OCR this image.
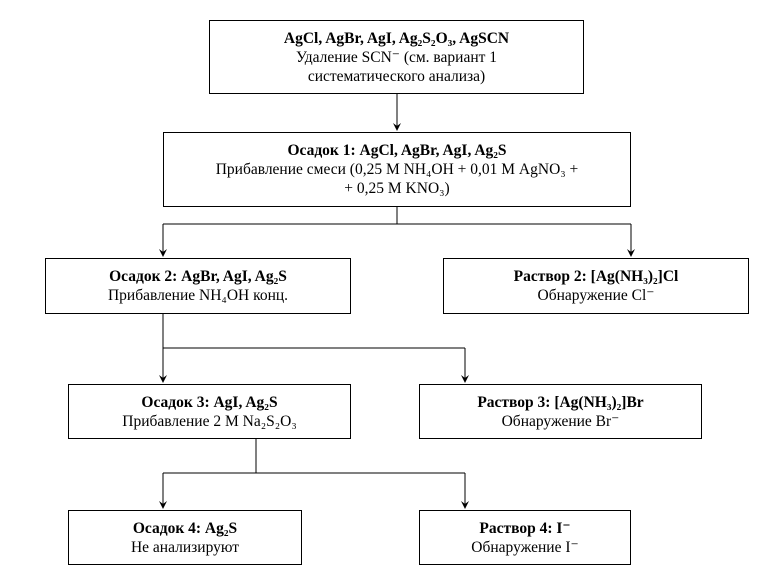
AgCl, AgBr, AgI, Ag₂S₂O₃, AgSCN
Удаление SCN⁻ (см. вариант 1
систематического анализа)
Осадок 1: AgCl, AgBr, AgI, Ag₂S
Прибавление смеси (0,25 М NH₄OH + 0,01 М AgNO₃ +
+ 0,25 М KNO₃)
Осадок 2: AgBr, AgI, Ag₂S
Прибавление NH₄OH конц.
Раствор 2: [Ag(NH₃)₂]Cl
Обнаружение Cl⁻
Осадок 3: AgI, Ag₂S
Прибавление 2 М Na₂S₂O₃
Раствор 3: [Ag(NH₃)₂]Br
Обнаружение Br⁻
Осадок 4: Ag₂S
Не анализируют
Раствор 4: I⁻
Обнаружение I⁻
